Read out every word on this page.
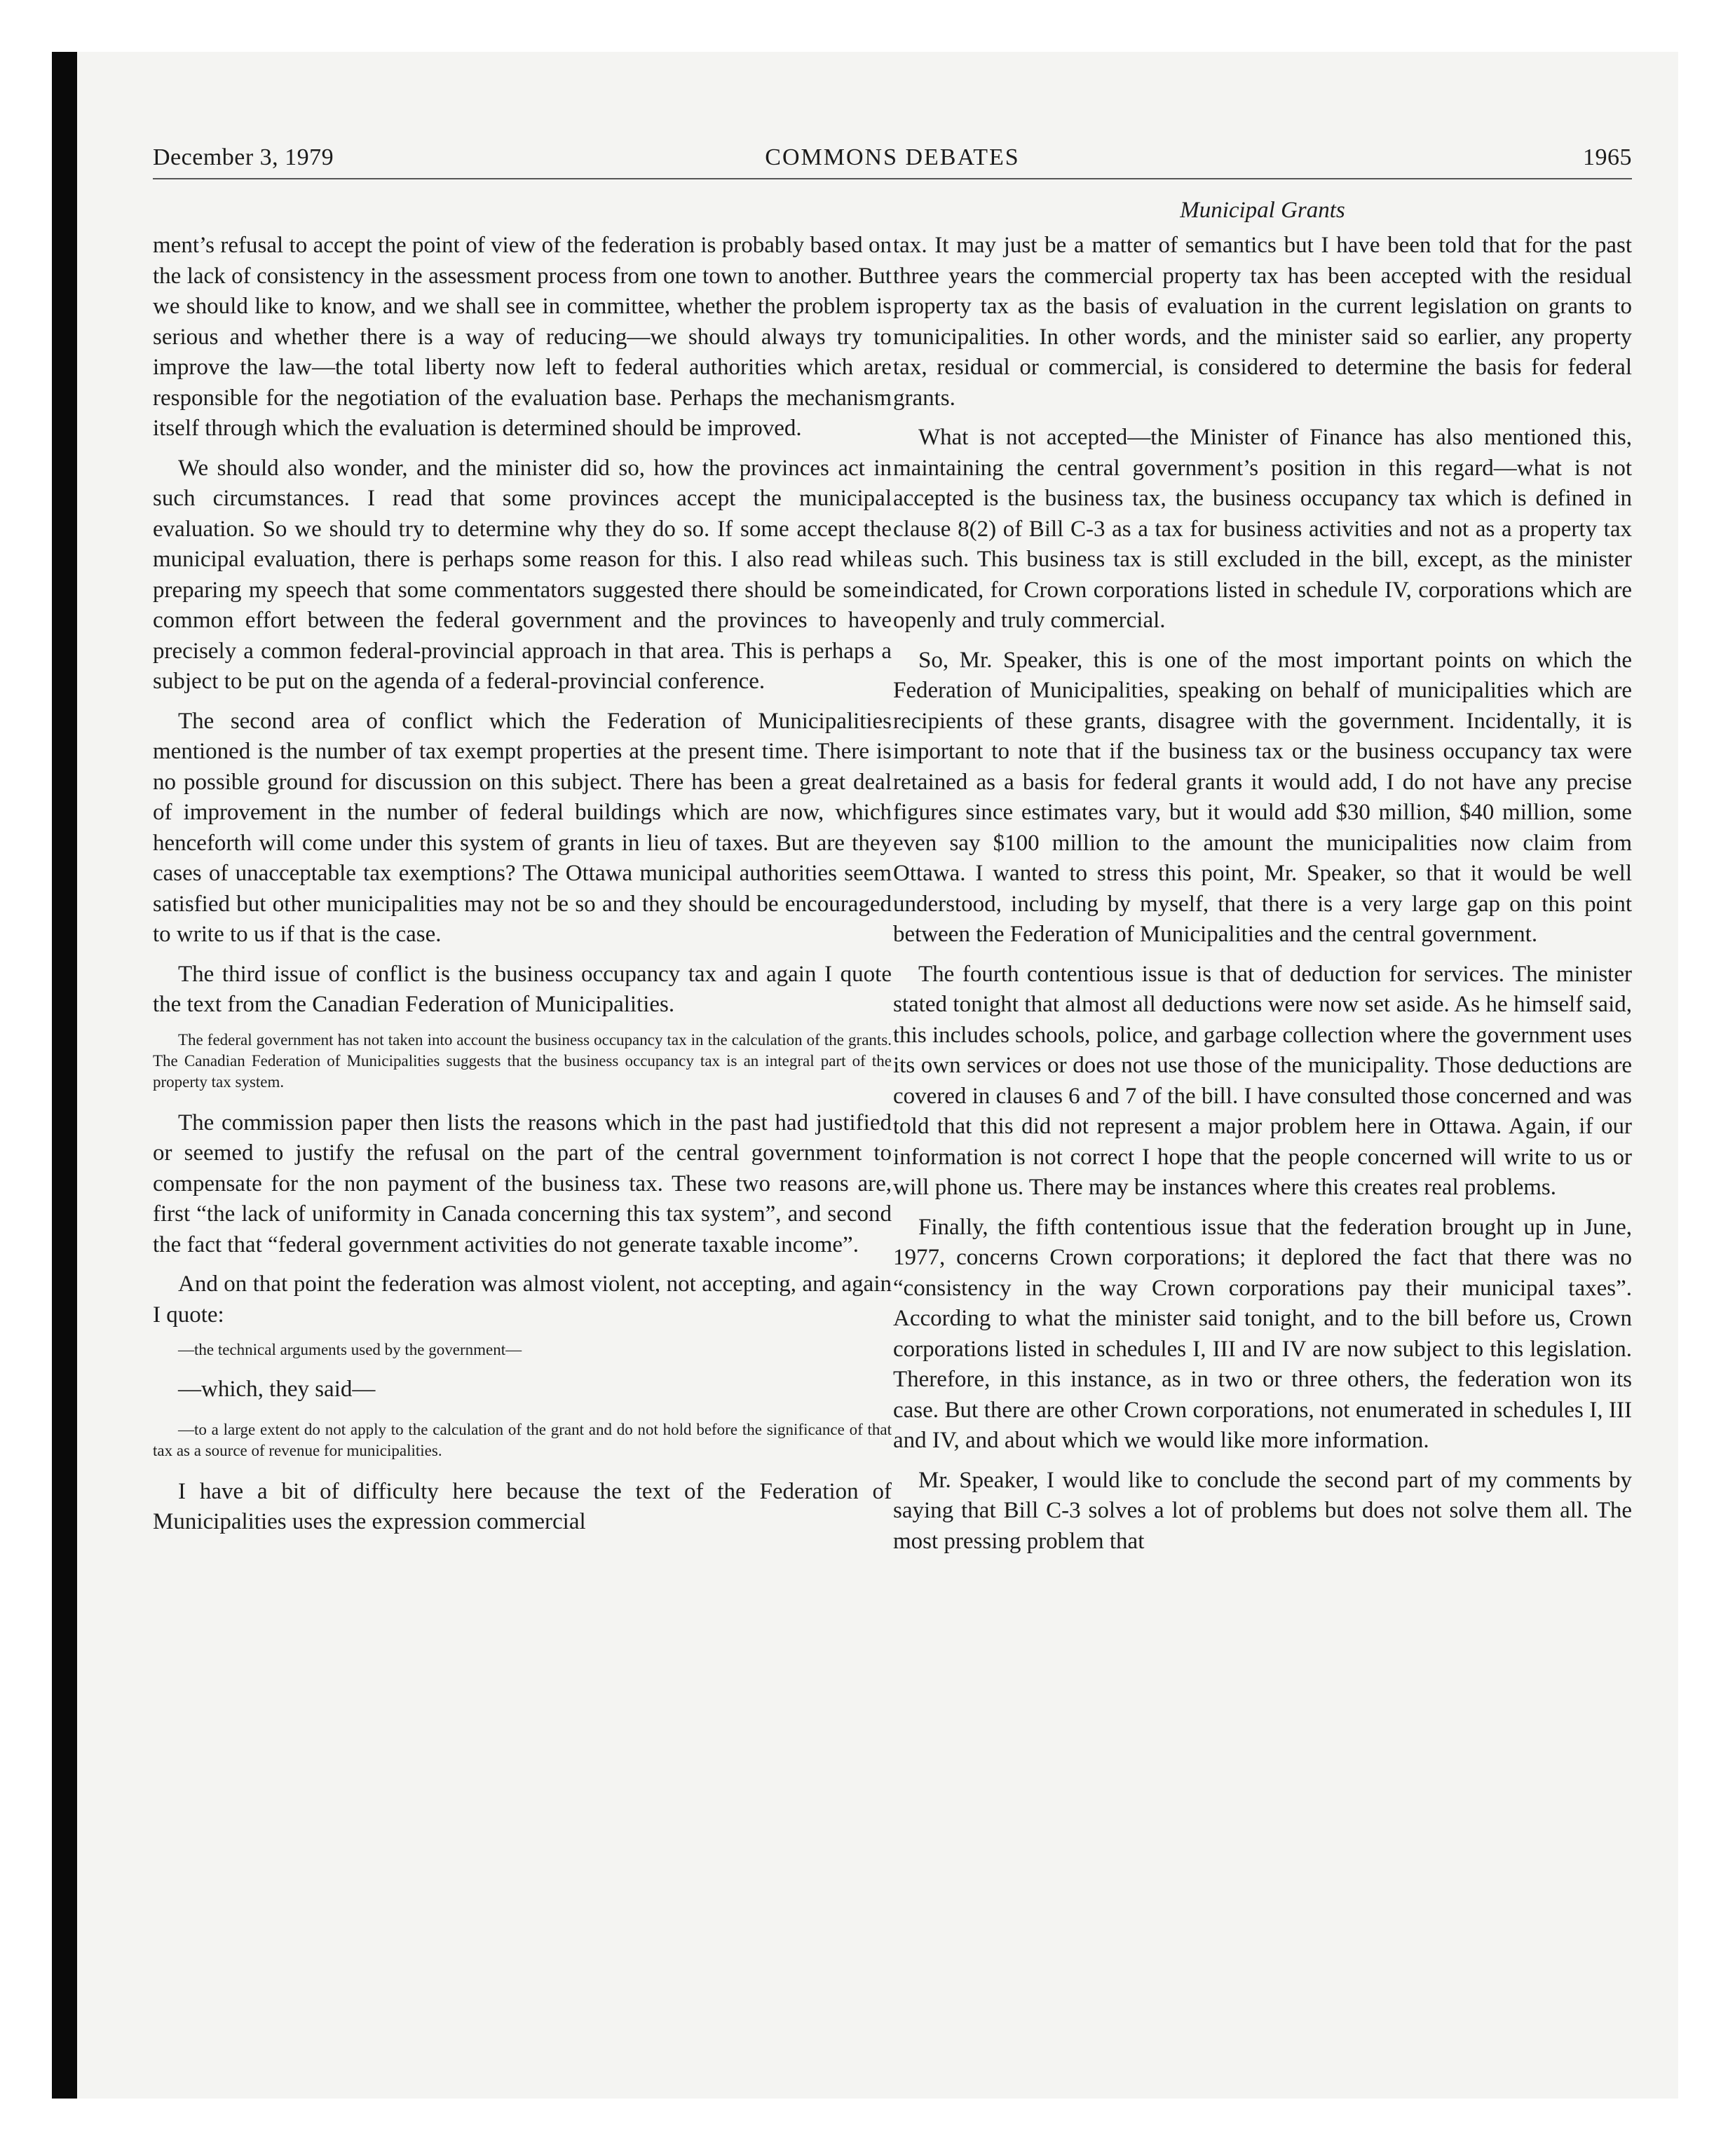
December 3, 1979	COMMONS DEBATES	1965
Municipal Grants

ment’s refusal to accept the point of view of the federation is probably based on the lack of consistency in the assessment process from one town to another. But we should like to know, and we shall see in committee, whether the problem is serious and whether there is a way of reducing—we should always try to improve the law—the total liberty now left to federal authorities which are responsible for the negotiation of the evaluation base. Perhaps the mechanism itself through which the evaluation is determined should be improved.

We should also wonder, and the minister did so, how the provinces act in such circumstances. I read that some provinces accept the municipal evaluation. So we should try to determine why they do so. If some accept the municipal evaluation, there is perhaps some reason for this. I also read while preparing my speech that some commentators suggested there should be some common effort between the federal government and the provinces to have precisely a common federal-provincial approach in that area. This is perhaps a subject to be put on the agenda of a federal-provincial conference.

The second area of conflict which the Federation of Municipalities mentioned is the number of tax exempt properties at the present time. There is no possible ground for discussion on this subject. There has been a great deal of improvement in the number of federal buildings which are now, which henceforth will come under this system of grants in lieu of taxes. But are they cases of unacceptable tax exemptions? The Ottawa municipal authorities seem satisfied but other municipalities may not be so and they should be encouraged to write to us if that is the case.

The third issue of conflict is the business occupancy tax and again I quote the text from the Canadian Federation of Municipalities.

The federal government has not taken into account the business occupancy tax in the calculation of the grants. The Canadian Federation of Municipalities suggests that the business occupancy tax is an integral part of the property tax system.

The commission paper then lists the reasons which in the past had justified or seemed to justify the refusal on the part of the central government to compensate for the non payment of the business tax. These two reasons are, first “the lack of uniformity in Canada concerning this tax system”, and second the fact that “federal government activities do not generate taxable income”.

And on that point the federation was almost violent, not accepting, and again I quote:

—the technical arguments used by the government—

—which, they said—

—to a large extent do not apply to the calculation of the grant and do not hold before the significance of that tax as a source of revenue for municipalities.

I have a bit of difficulty here because the text of the Federation of Municipalities uses the expression commercial

tax. It may just be a matter of semantics but I have been told that for the past three years the commercial property tax has been accepted with the residual property tax as the basis of evaluation in the current legislation on grants to municipalities. In other words, and the minister said so earlier, any property tax, residual or commercial, is considered to determine the basis for federal grants.

What is not accepted—the Minister of Finance has also mentioned this, maintaining the central government’s position in this regard—what is not accepted is the business tax, the business occupancy tax which is defined in clause 8(2) of Bill C-3 as a tax for business activities and not as a property tax as such. This business tax is still excluded in the bill, except, as the minister indicated, for Crown corporations listed in schedule IV, corporations which are openly and truly commercial.

So, Mr. Speaker, this is one of the most important points on which the Federation of Municipalities, speaking on behalf of municipalities which are recipients of these grants, disagree with the government. Incidentally, it is important to note that if the business tax or the business occupancy tax were retained as a basis for federal grants it would add, I do not have any precise figures since estimates vary, but it would add $30 million, $40 million, some even say $100 million to the amount the municipalities now claim from Ottawa. I wanted to stress this point, Mr. Speaker, so that it would be well understood, including by myself, that there is a very large gap on this point between the Federation of Municipalities and the central government.

The fourth contentious issue is that of deduction for services. The minister stated tonight that almost all deductions were now set aside. As he himself said, this includes schools, police, and garbage collection where the government uses its own services or does not use those of the municipality. Those deductions are covered in clauses 6 and 7 of the bill. I have consulted those concerned and was told that this did not represent a major problem here in Ottawa. Again, if our information is not correct I hope that the people concerned will write to us or will phone us. There may be instances where this creates real problems.

Finally, the fifth contentious issue that the federation brought up in June, 1977, concerns Crown corporations; it deplored the fact that there was no “consistency in the way Crown corporations pay their municipal taxes”. According to what the minister said tonight, and to the bill before us, Crown corporations listed in schedules I, III and IV are now subject to this legislation. Therefore, in this instance, as in two or three others, the federation won its case. But there are other Crown corporations, not enumerated in schedules I, III and IV, and about which we would like more information.

Mr. Speaker, I would like to conclude the second part of my comments by saying that Bill C-3 solves a lot of problems but does not solve them all. The most pressing problem that
